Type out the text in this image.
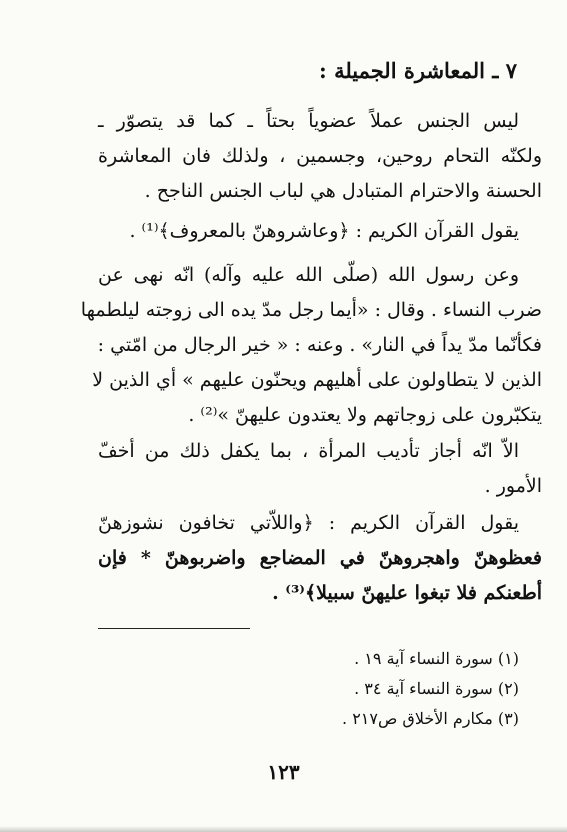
٧ ـ المعاشرة الجميلة :
ليس الجنس عملاً عضوياً بحتاً ـ كما قد يتصوّر ـ
ولكنّه التحام روحين، وجسمين ، ولذلك فان المعاشرة
الحسنة والاحترام المتبادل هي لباب الجنس الناجح .
يقول القرآن الكريم : ﴿وعاشروهنّ بالمعروف﴾⁽¹⁾ .
وعن رسول الله (صلّى الله عليه وآله) انّه نهى عن
ضرب النساء . وقال : «أيما رجل مدّ يده الى زوجته ليلطمها
فكأنّما مدّ يداً في النار» . وعنه : « خير الرجال من امّتي :
الذين لا يتطاولون على أهليهم ويحنّون عليهم » أي الذين لا
يتكبّرون على زوجاتهم ولا يعتدون عليهنّ »⁽²⁾ .
الاّ انّه أجاز تأديب المرأة ، بما يكفل ذلك من أخفّ
الأمور .
يقول القرآن الكريم : ﴿واللاّتي تخافون نشوزهنّ
فعظوهنّ واهجروهنّ في المضاجع واضربوهنّ * فإن
أطعنكم فلا تبغوا عليهنّ سبيلا﴾⁽³⁾ .
(١) سورة النساء آية ١٩ .
(٢) سورة النساء آية ٣٤ .
(٣) مكارم الأخلاق ص٢١٧ .
١٢٣
